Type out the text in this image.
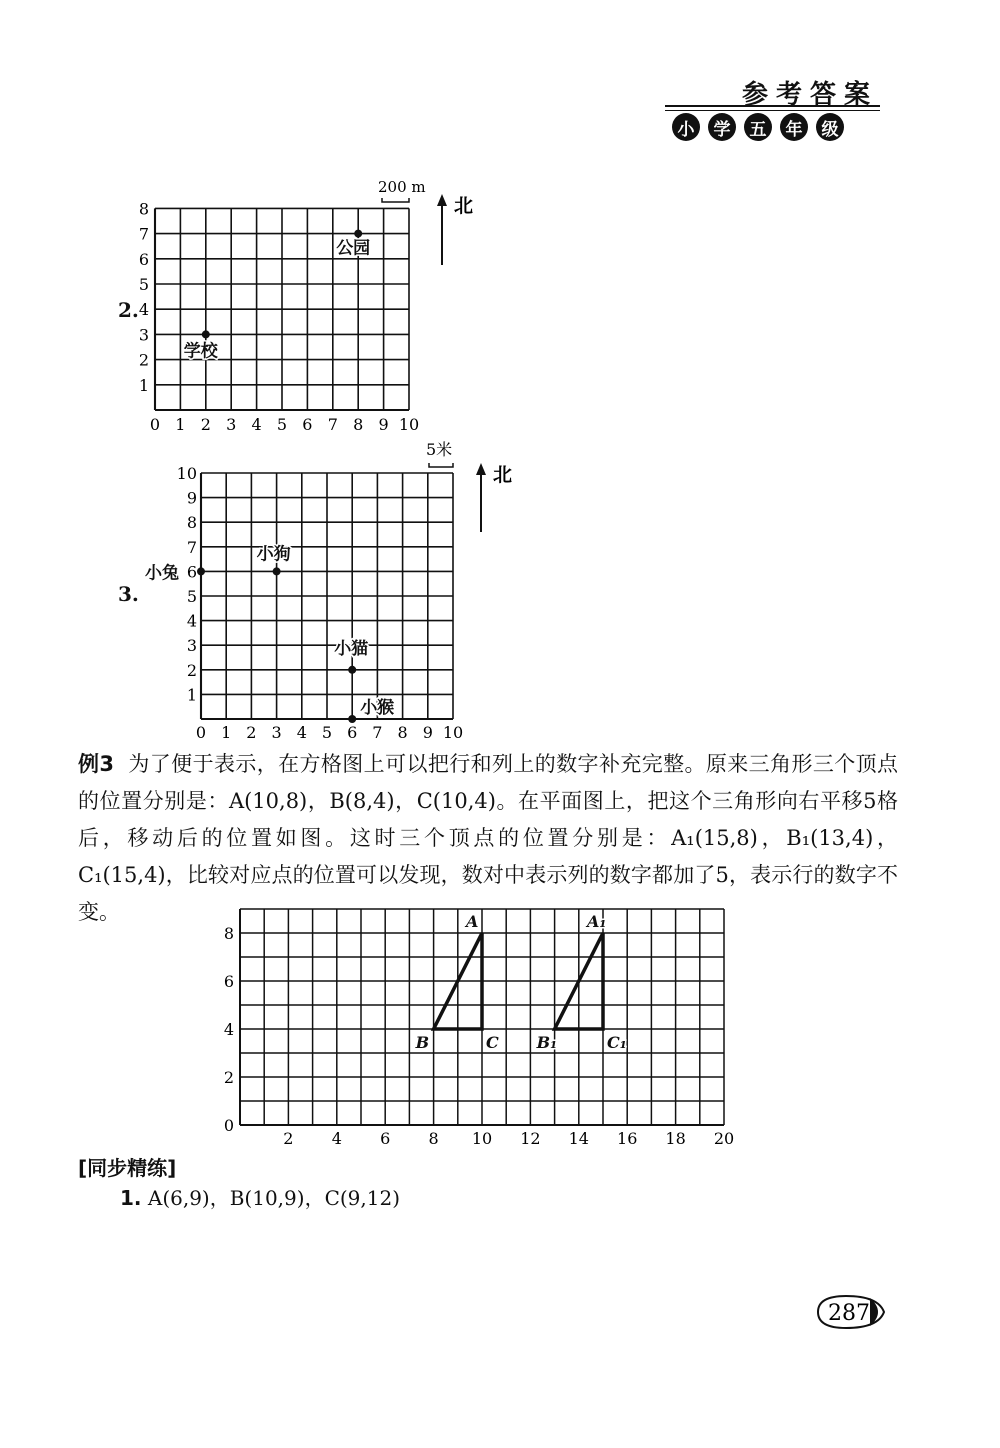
参考答案
小	学	五	年	级
2.
0 1 2 3 4 5 6 7 8 9 10
1
2
3
4
5
6
7
8
公园
学校
200 m
北
3.
0 1 2 3 4 5 6 7 8 9 10
1
2
3
4
5
6
7
8
9
10
小兔
小狗
小猫
小猴
5米
北
例3 为了便于表示，在方格图上可以把行和列上的数字补充完整。原来三角形三个顶点的位置分别是：A(10,8)，B(8,4)，C(10,4)。在平面图上，把这个三角形向右平移5格后，移动后的位置如图。这时三个顶点的位置分别是：A₁(15,8)，B₁(13,4)，C₁(15,4)，比较对应点的位置可以发现，数对中表示列的数字都加了5，表示行的数字不变。
2 4 6 8 10 12 14 16 18 20
0
2
4
6
8
A
B	C
A₁
B₁	C₁
[同步精练]
1. A(6,9)，B(10,9)，C(9,12)
287
